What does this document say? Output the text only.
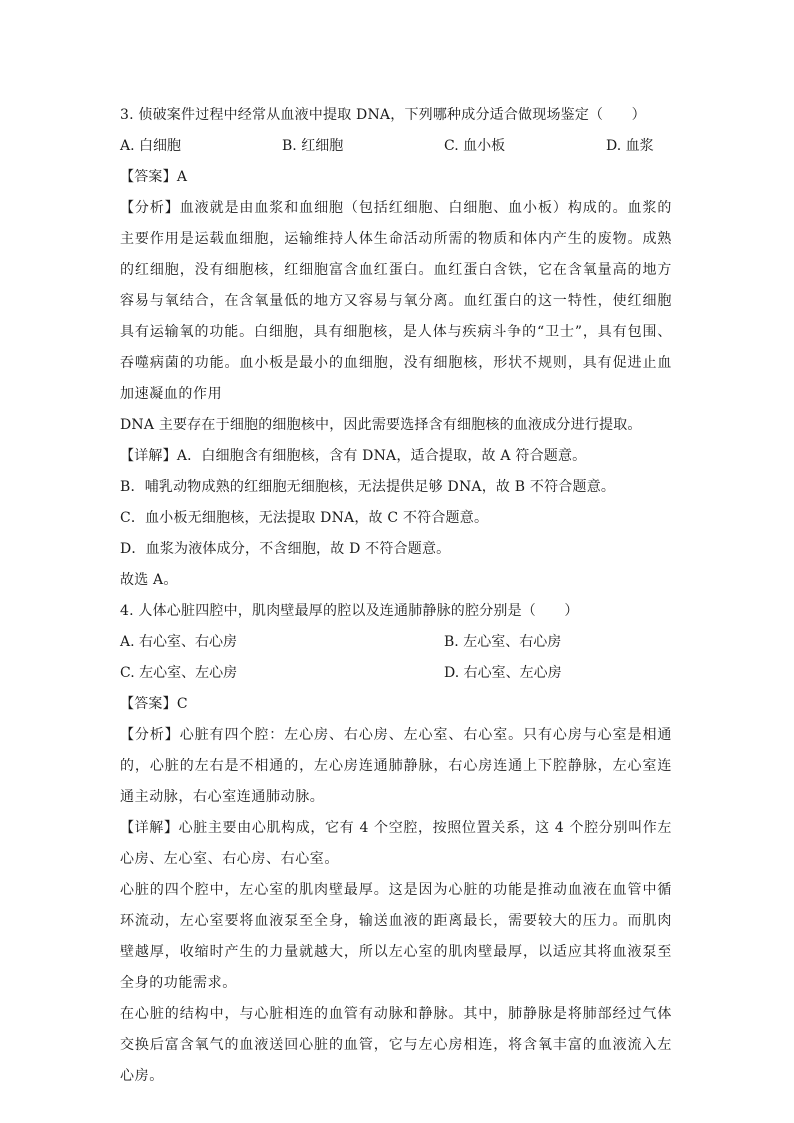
3. 侦破案件过程中经常从血液中提取 DNA，下列哪种成分适合做现场鉴定（　　）
A. 白细胞	B. 红细胞	C. 血小板	D. 血浆
【答案】A
【分析】血液就是由血浆和血细胞（包括红细胞、白细胞、血小板）构成的。血浆的主要作用是运载血细胞，运输维持人体生命活动所需的物质和体内产生的废物。成熟的红细胞，没有细胞核，红细胞富含血红蛋白。血红蛋白含铁，它在含氧量高的地方容易与氧结合，在含氧量低的地方又容易与氧分离。血红蛋白的这一特性，使红细胞具有运输氧的功能。白细胞，具有细胞核，是人体与疾病斗争的“卫士”，具有包围、吞噬病菌的功能。血小板是最小的血细胞，没有细胞核，形状不规则，具有促进止血加速凝血的作用
DNA 主要存在于细胞的细胞核中，因此需要选择含有细胞核的血液成分进行提取。
【详解】A．白细胞含有细胞核，含有 DNA，适合提取，故 A 符合题意。
B．哺乳动物成熟的红细胞无细胞核，无法提供足够 DNA，故 B 不符合题意。
C．血小板无细胞核，无法提取 DNA，故 C 不符合题意。
D．血浆为液体成分，不含细胞，故 D 不符合题意。
故选 A。
4. 人体心脏四腔中，肌肉壁最厚的腔以及连通肺静脉的腔分别是（　　）
A. 右心室、右心房	B. 左心室、右心房
C. 左心室、左心房	D. 右心室、左心房
【答案】C
【分析】心脏有四个腔：左心房、右心房、左心室、右心室。只有心房与心室是相通的，心脏的左右是不相通的，左心房连通肺静脉，右心房连通上下腔静脉，左心室连通主动脉，右心室连通肺动脉。
【详解】心脏主要由心肌构成，它有 4 个空腔，按照位置关系，这 4 个腔分别叫作左心房、左心室、右心房、右心室。
心脏的四个腔中，左心室的肌肉壁最厚。这是因为心脏的功能是推动血液在血管中循环流动，左心室要将血液泵至全身，输送血液的距离最长，需要较大的压力。而肌肉壁越厚，收缩时产生的力量就越大，所以左心室的肌肉壁最厚，以适应其将血液泵至全身的功能需求。
在心脏的结构中，与心脏相连的血管有动脉和静脉。其中，肺静脉是将肺部经过气体交换后富含氧气的血液送回心脏的血管，它与左心房相连，将含氧丰富的血液流入左心房。
